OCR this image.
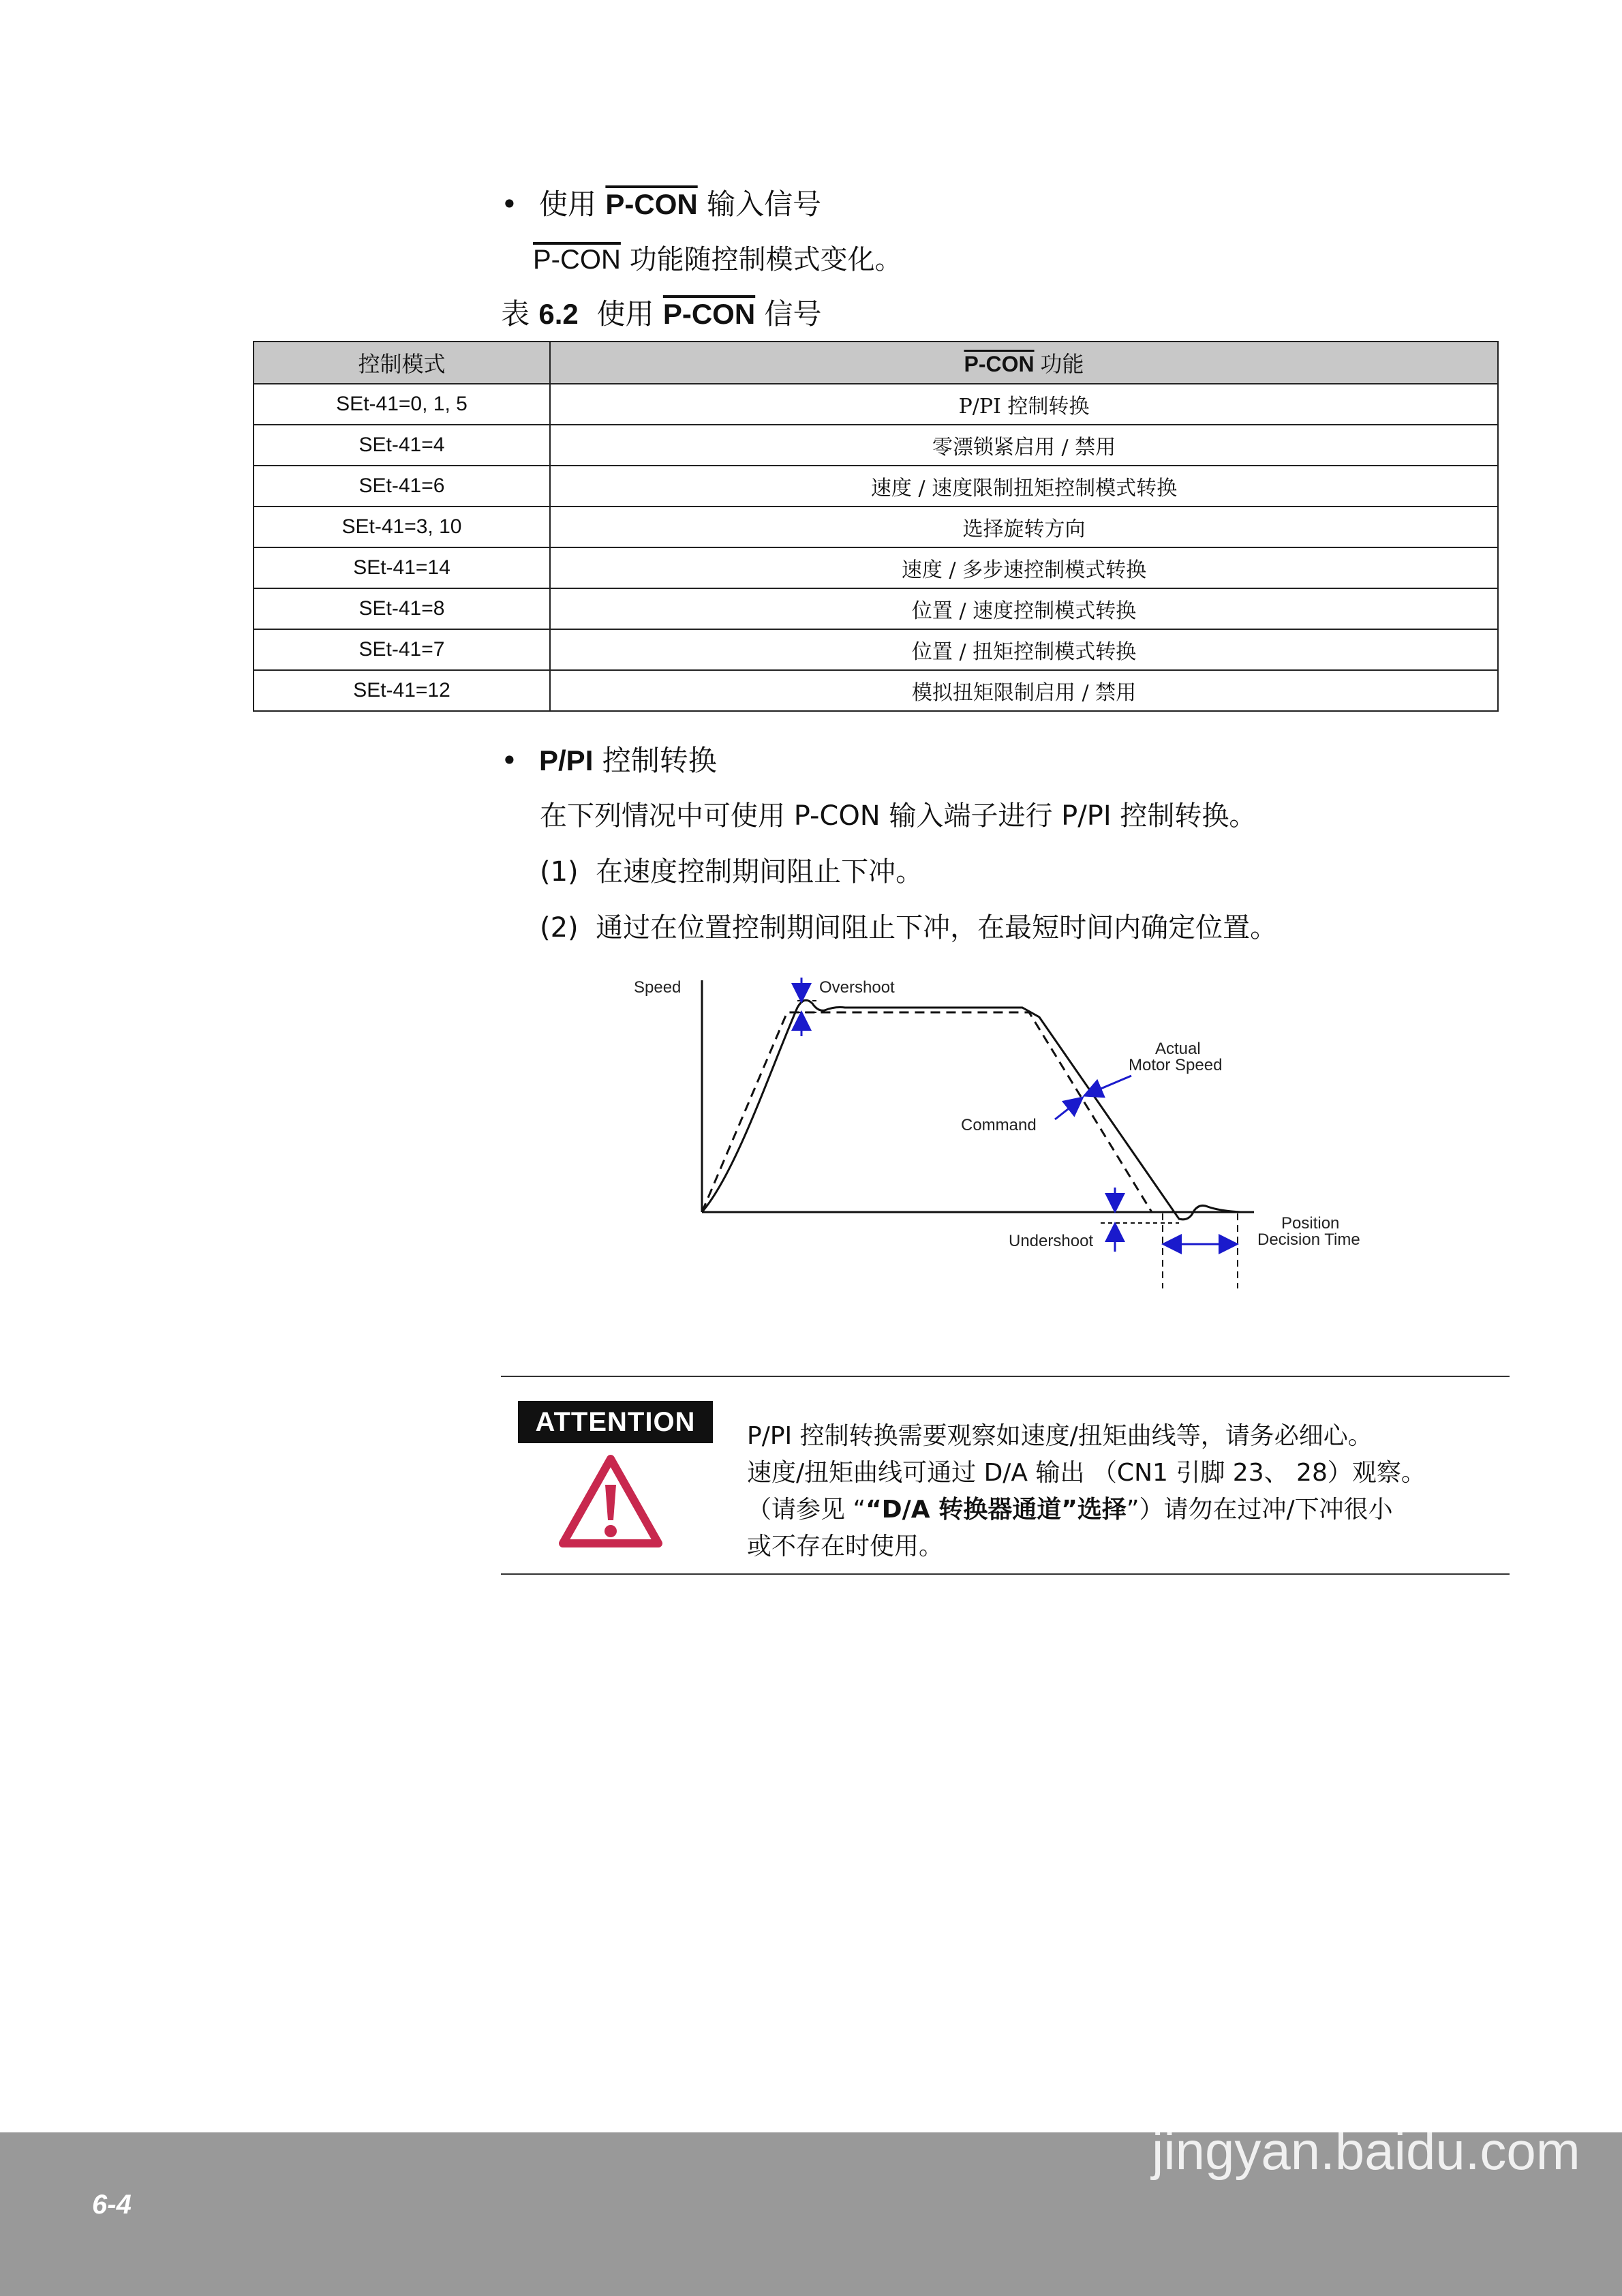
• 使用 P-CON 输入信号
P-CON 功能随控制模式变化。
表 6.2 使用 P-CON 信号
控制模式	P-CON 功能
SEt-41=0, 1, 5	P/PI 控制转换
SEt-41=4	零漂锁紧启用 / 禁用
SEt-41=6	速度 / 速度限制扭矩控制模式转换
SEt-41=3, 10	选择旋转方向
SEt-41=14	速度 / 多步速控制模式转换
SEt-41=8	位置 / 速度控制模式转换
SEt-41=7	位置 / 扭矩控制模式转换
SEt-41=12	模拟扭矩限制启用 / 禁用
• P/PI 控制转换
在下列情况中可使用 P-CON 输入端子进行 P/PI 控制转换。
(1) 在速度控制期间阻止下冲。
(2) 通过在位置控制期间阻止下冲，在最短时间内确定位置。
Overshoot
Speed
Actual
Motor Speed
Command
Undershoot
Position
Decision Time
ATTENTION	P/PI 控制转换需要观察如速度/扭矩曲线等，请务必细心。
速度/扭矩曲线可通过 D/A 输出 （CN1 引脚 23、 28）观察。
（请参见 ““D/A 转换器通道”选择”）请勿在过冲/下冲很小
或不存在时使用。
6-4
Bai du 经验
jingyan.baidu.com
